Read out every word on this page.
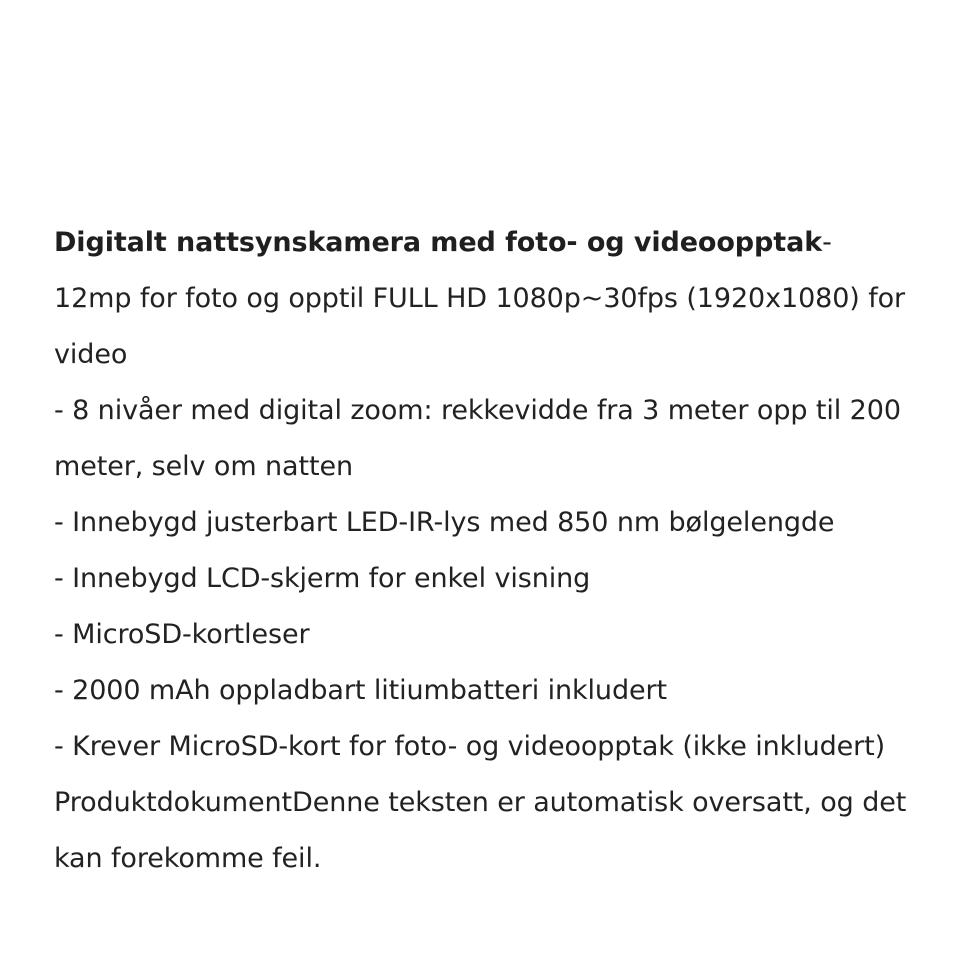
Digitalt nattsynskamera med foto- og videoopptak-

12mp for foto og opptil FULL HD 1080p~30fps (1920x1080) for video

- 8 nivåer med digital zoom: rekkevidde fra 3 meter opp til 200 meter, selv om natten

- Innebygd justerbart LED-IR-lys med 850 nm bølgelengde

- Innebygd LCD-skjerm for enkel visning

- MicroSD-kortleser

- 2000 mAh oppladbart litiumbatteri inkludert

- Krever MicroSD-kort for foto- og videoopptak (ikke inkludert)

ProduktdokumentDenne teksten er automatisk oversatt, og det kan forekomme feil.
